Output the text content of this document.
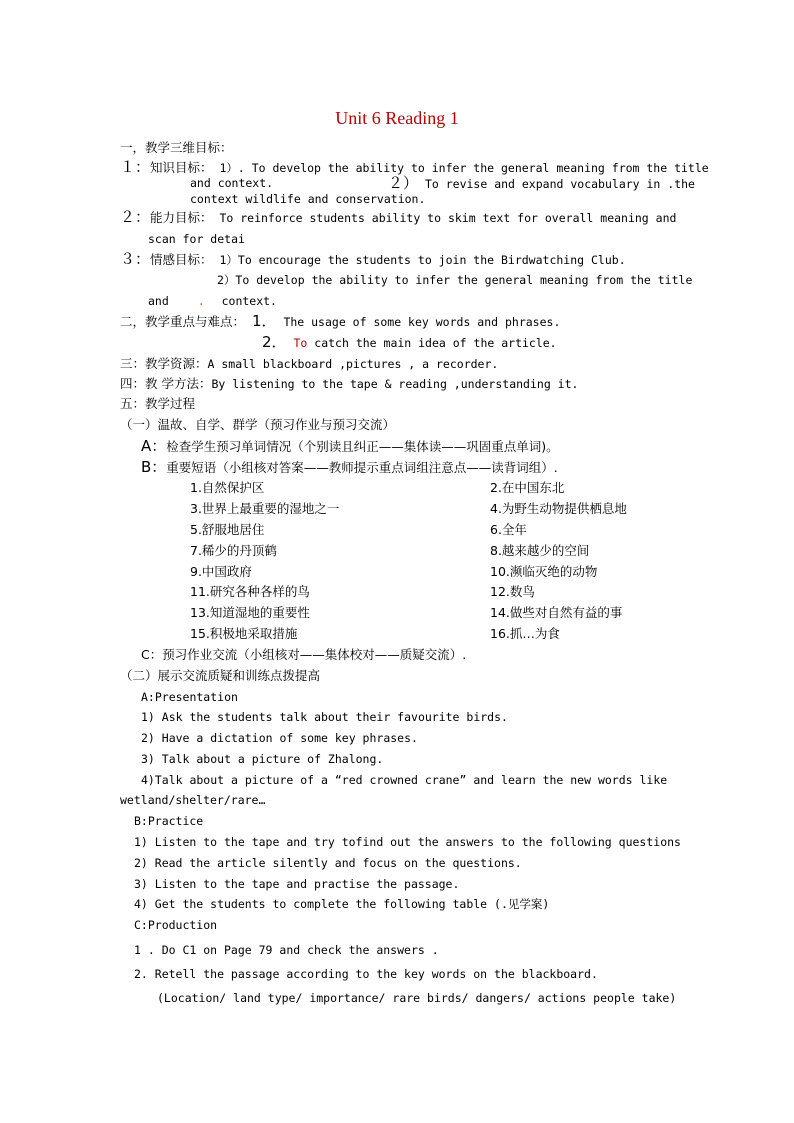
Unit 6 Reading 1
一，教学三维目标：
１：知识目标： 1）. To develop the ability to infer the general meaning from the title
and context.	２） To revise and expand vocabulary in .the
context wildlife and conservation.
２：能力目标： To reinforce students ability to skim text for overall meaning and
scan for detai
３：情感目标： 1）To encourage the students to join the Birdwatching Club.
2）To develop the ability to infer the general meaning from the title
and	. context.
二，教学重点与难点： 1． The usage of some key words and phrases.
2． To catch the main idea of the article.
三：教学资源：A small blackboard ,pictures , a recorder.
四：教 学方法：By listening to the tape & reading ,understanding it.
五：教学过程
（一）温故、自学、群学（预习作业与预习交流）
A：检查学生预习单词情况（个别读且纠正——集体读——巩固重点单词)。
B：重要短语（小组核对答案——教师提示重点词组注意点——读背词组）.
1.自然保护区	2.在中国东北
3.世界上最重要的湿地之一	4.为野生动物提供栖息地
5.舒服地居住	6.全年
7.稀少的丹顶鹤	8.越来越少的空间
9.中国政府	10.濒临灭绝的动物
11.研究各种各样的鸟	12.数鸟
13.知道湿地的重要性	14.做些对自然有益的事
15.积极地采取措施	16.抓…为食
C：预习作业交流（小组核对——集体校对——质疑交流）.
（二）展示交流质疑和训练点拨提高
A:Presentation
1) Ask the students talk about their favourite birds.
2) Have a dictation of some key phrases.
3) Talk about a picture of Zhalong.
4)Talk about a picture of a “red crowned crane” and learn the new words like
wetland/shelter/rare…
B:Practice
1) Listen to the tape and try tofind out the answers to the following questions
2) Read the article silently and focus on the questions.
3) Listen to the tape and practise the passage.
4) Get the students to complete the following table (.见学案)
C:Production
1 . Do C1 on Page 79 and check the answers .
2. Retell the passage according to the key words on the blackboard.
(Location/ land type/ importance/ rare birds/ dangers/ actions people take)
